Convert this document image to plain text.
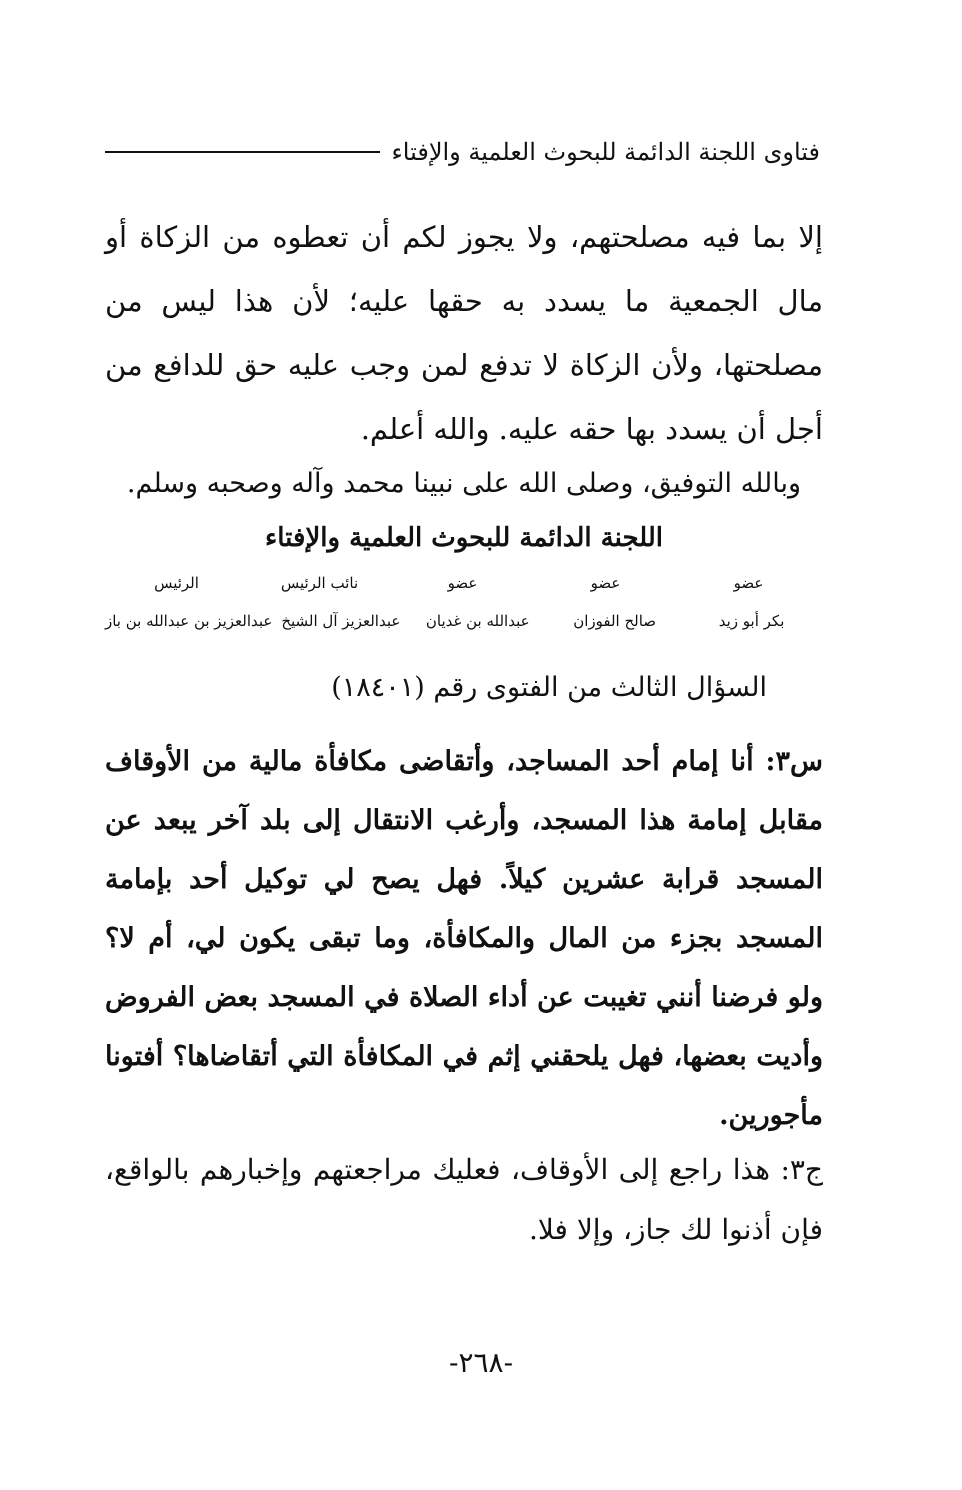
فتاوى اللجنة الدائمة للبحوث العلمية والإفتاء
إلا بما فيه مصلحتهم، ولا يجوز لكم أن تعطوه من الزكاة أو مال الجمعية ما يسدد به حقها عليه؛ لأن هذا ليس من مصلحتها، ولأن الزكاة لا تدفع لمن وجب عليه حق للدافع من أجل أن يسدد بها حقه عليه. والله أعلم.
وبالله التوفيق، وصلى الله على نبينا محمد وآله وصحبه وسلم.
اللجنة الدائمة للبحوث العلمية والإفتاء
عضو
عضو
عضو
نائب الرئيس
الرئيس
بكر أبو زيد
صالح الفوزان
عبدالله بن غديان
عبدالعزيز آل الشيخ
عبدالعزيز بن عبدالله بن باز
السؤال الثالث من الفتوى رقم (١٨٤٠١)
س٣: أنا إمام أحد المساجد، وأتقاضى مكافأة مالية من الأوقاف مقابل إمامة هذا المسجد، وأرغب الانتقال إلى بلد آخر يبعد عن المسجد قرابة عشرين كيلاً. فهل يصح لي توكيل أحد بإمامة المسجد بجزء من المال والمكافأة، وما تبقى يكون لي، أم لا؟ ولو فرضنا أنني تغيبت عن أداء الصلاة في المسجد بعض الفروض وأديت بعضها، فهل يلحقني إثم في المكافأة التي أتقاضاها؟ أفتونا مأجورين.
ج٣: هذا راجع إلى الأوقاف، فعليك مراجعتهم وإخبارهم بالواقع، فإن أذنوا لك جاز، وإلا فلا.
-٢٦٨-
